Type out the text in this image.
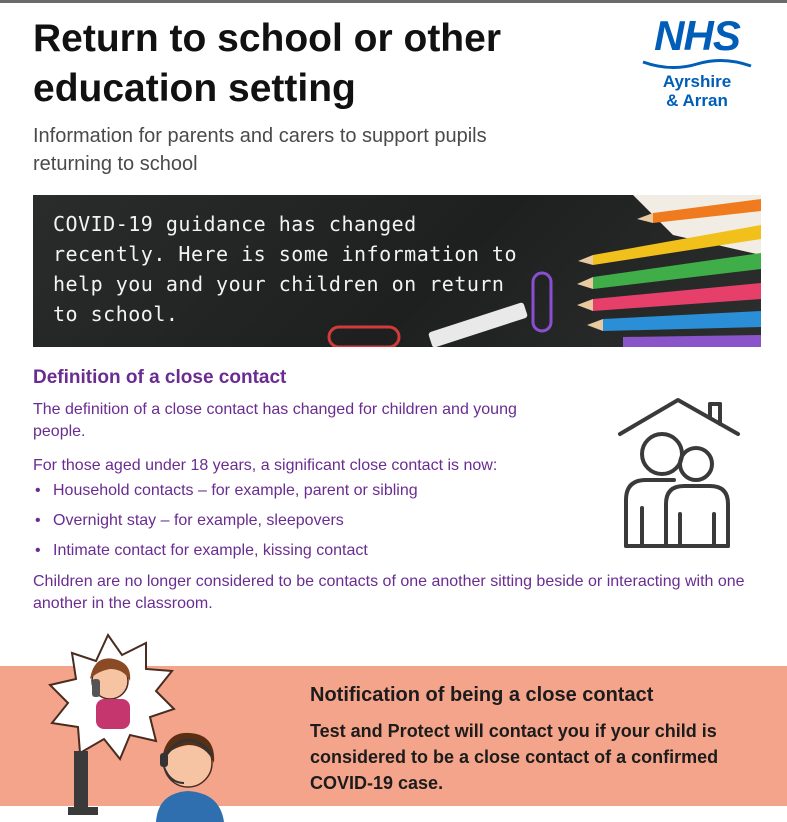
Return to school or other education setting

Information for parents and carers to support pupils returning to school

NHS
Ayrshire
& Arran

COVID-19 guidance has changed recently. Here is some information to help you and your children on return to school.

Definition of a close contact

The definition of a close contact has changed for children and young people.

For those aged under 18 years, a significant close contact is now:

• Household contacts – for example, parent or sibling
• Overnight stay – for example, sleepovers
• Intimate contact for example, kissing contact

Children are no longer considered to be contacts of one another sitting beside or interacting with one another in the classroom.

Notification of being a close contact

Test and Protect will contact you if your child is considered to be a close contact of a confirmed COVID-19 case.
